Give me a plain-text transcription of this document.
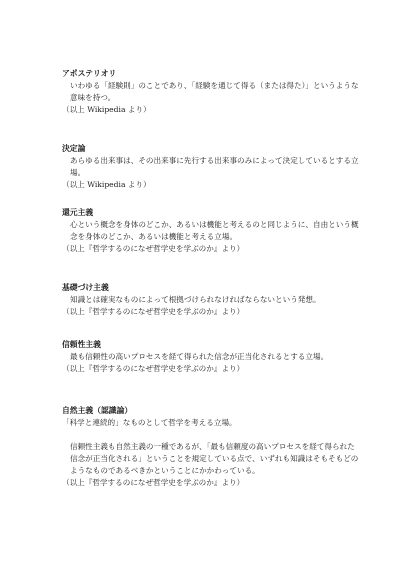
アポステリオリ
いわゆる「経験則」のことであり、「経験を通じて得る（または得た）」というような意味を持つ。
（以上 Wikipedia より）
決定論
あらゆる出来事は、その出来事に先行する出来事のみによって決定しているとする立場。
（以上 Wikipedia より）
還元主義
心という概念を身体のどこか、あるいは機能と考えるのと同じように、自由という概念を身体のどこか、あるいは機能と考える立場。
（以上『哲学するのになぜ哲学史を学ぶのか』より）
基礎づけ主義
知識とは確実なものによって根拠づけられなければならないという発想。
（以上『哲学するのになぜ哲学史を学ぶのか』より）
信頼性主義
最も信頼性の高いプロセスを経て得られた信念が正当化されるとする立場。
（以上『哲学するのになぜ哲学史を学ぶのか』より）
自然主義（認識論）
「科学と連続的」なものとして哲学を考える立場。
信頼性主義も自然主義の一種であるが、「最も信頼度の高いプロセスを経て得られた信念が正当化される」ということを規定している点で、いずれも知識はそもそもどのようなものであるべきかということにかかわっている。
（以上『哲学するのになぜ哲学史を学ぶのか』より）
